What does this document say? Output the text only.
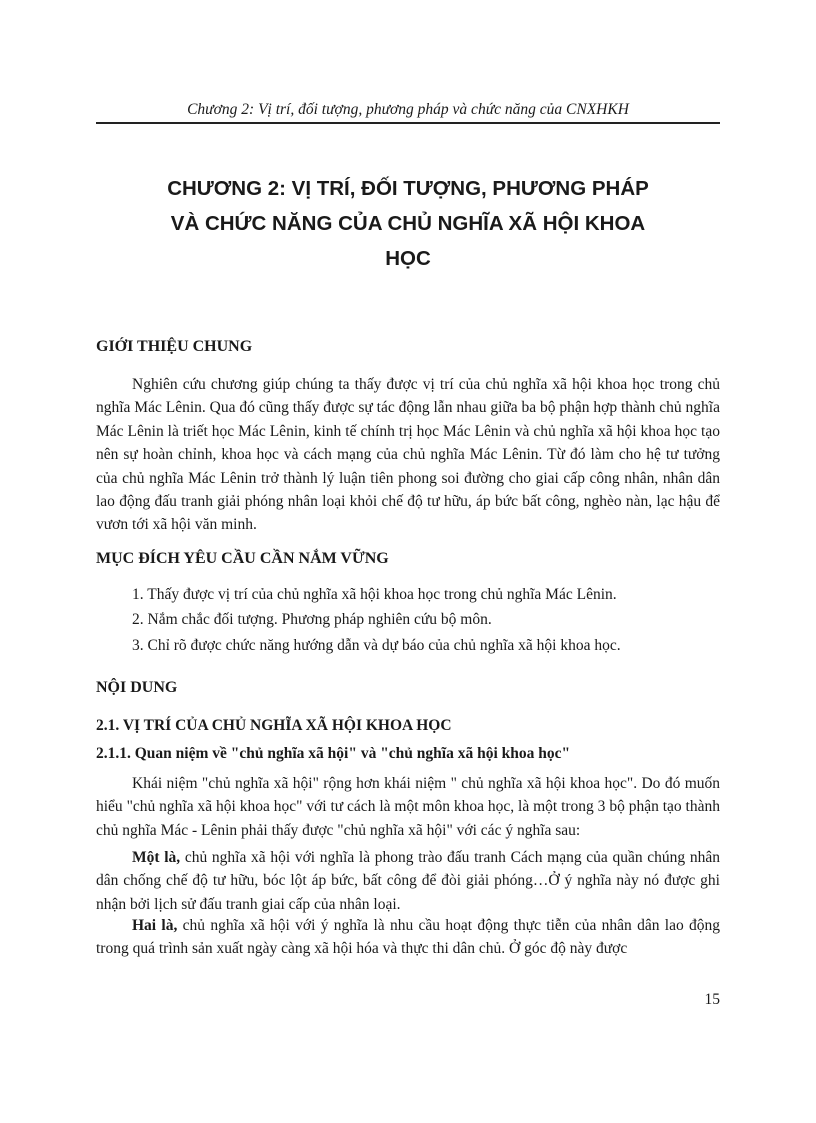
Chương 2: Vị trí, đối tượng, phương pháp và chức năng của CNXHKH
CHƯƠNG 2: VỊ TRÍ, ĐỐI TƯỢNG, PHƯƠNG PHÁP
VÀ CHỨC NĂNG CỦA CHỦ NGHĨA XÃ HỘI KHOA
HỌC
GIỚI THIỆU CHUNG

Nghiên cứu chương giúp chúng ta thấy được vị trí của chủ nghĩa xã hội khoa học trong chủ nghĩa Mác Lênin. Qua đó cũng thấy được sự tác động lẫn nhau giữa ba bộ phận hợp thành chủ nghĩa Mác Lênin là triết học Mác Lênin, kinh tế chính trị học Mác Lênin và chủ nghĩa xã hội khoa học tạo nên sự hoàn chỉnh, khoa học và cách mạng của chủ nghĩa Mác Lênin. Từ đó làm cho hệ tư tưởng của chủ nghĩa Mác Lênin trở thành lý luận tiên phong soi đường cho giai cấp công nhân, nhân dân lao động đấu tranh giải phóng nhân loại khỏi chế độ tư hữu, áp bức bất công, nghèo nàn, lạc hậu để vươn tới xã hội văn minh.

MỤC ĐÍCH YÊU CẦU CẦN NẮM VỮNG

1. Thấy được vị trí của chủ nghĩa xã hội khoa học trong chủ nghĩa Mác Lênin.

2. Nắm chắc đối tượng. Phương pháp nghiên cứu bộ môn.

3. Chỉ rõ được chức năng hướng dẫn và dự báo của chủ nghĩa xã hội khoa học.

NỘI DUNG
2.1. VỊ TRÍ CỦA CHỦ NGHĨA XÃ HỘI KHOA HỌC
2.1.1. Quan niệm về "chủ nghĩa xã hội" và "chủ nghĩa xã hội khoa học"

Khái niệm "chủ nghĩa xã hội" rộng hơn khái niệm " chủ nghĩa xã hội khoa học". Do đó muốn hiểu "chủ nghĩa xã hội khoa học" với tư cách là một môn khoa học, là một trong 3 bộ phận tạo thành chủ nghĩa Mác - Lênin phải thấy được "chủ nghĩa xã hội" với các ý nghĩa sau:

Một là, chủ nghĩa xã hội với nghĩa là phong trào đấu tranh Cách mạng của quần chúng nhân dân chống chế độ tư hữu, bóc lột áp bức, bất công để đòi giải phóng…Ở ý nghĩa này nó được ghi nhận bởi lịch sử đấu tranh giai cấp của nhân loại.

Hai là, chủ nghĩa xã hội với ý nghĩa là nhu cầu hoạt động thực tiễn của nhân dân lao động trong quá trình sản xuất ngày càng xã hội hóa và thực thi dân chủ. Ở góc độ này được

15
